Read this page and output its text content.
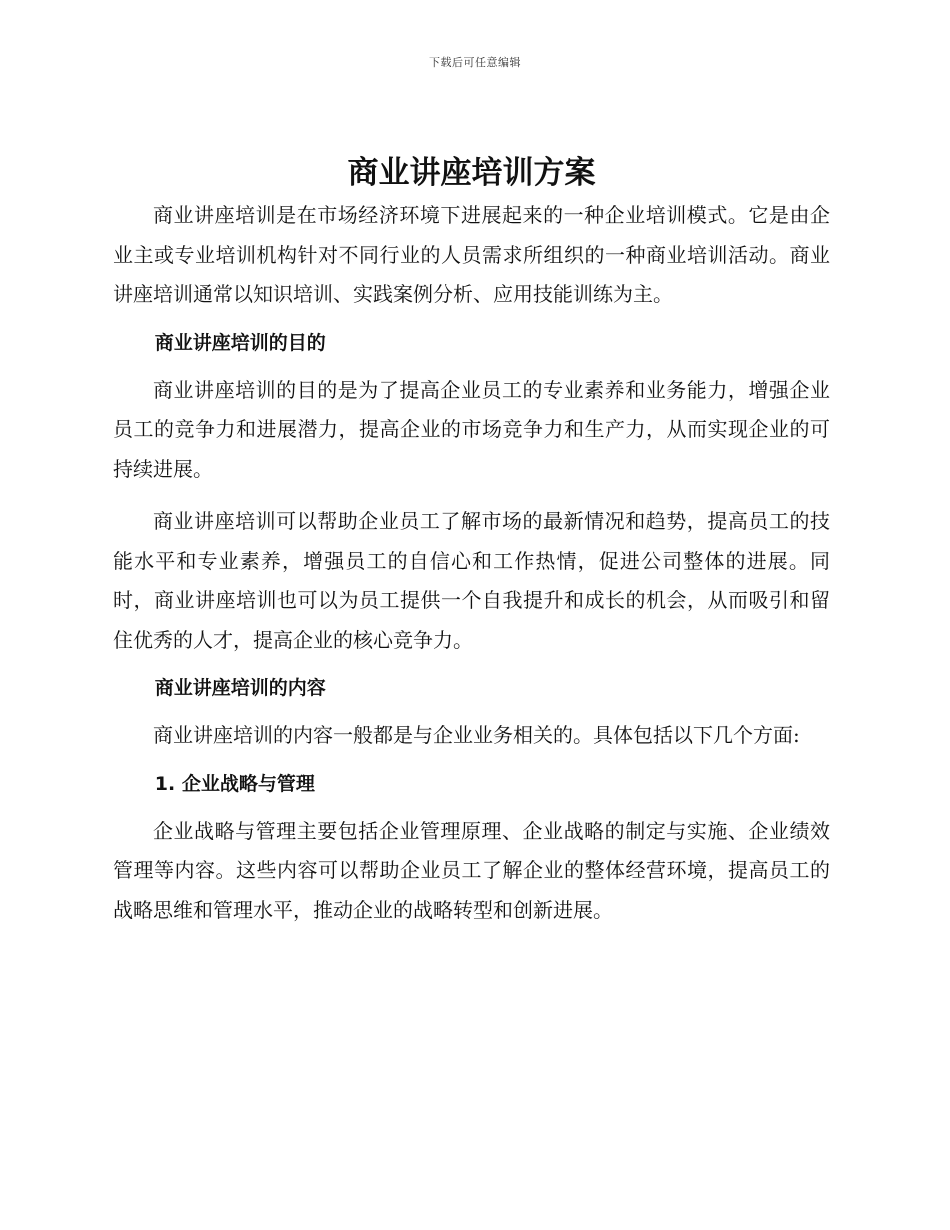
下载后可任意编辑
商业讲座培训方案

商业讲座培训是在市场经济环境下进展起来的一种企业培训模式。它是由企业主或专业培训机构针对不同行业的人员需求所组织的一种商业培训活动。商业讲座培训通常以知识培训、实践案例分析、应用技能训练为主。

商业讲座培训的目的

商业讲座培训的目的是为了提高企业员工的专业素养和业务能力，增强企业员工的竞争力和进展潜力，提高企业的市场竞争力和生产力，从而实现企业的可持续进展。

商业讲座培训可以帮助企业员工了解市场的最新情况和趋势，提高员工的技能水平和专业素养，增强员工的自信心和工作热情，促进公司整体的进展。同时，商业讲座培训也可以为员工提供一个自我提升和成长的机会，从而吸引和留住优秀的人才，提高企业的核心竞争力。

商业讲座培训的内容

商业讲座培训的内容一般都是与企业业务相关的。具体包括以下几个方面:

1. 企业战略与管理

企业战略与管理主要包括企业管理原理、企业战略的制定与实施、企业绩效管理等内容。这些内容可以帮助企业员工了解企业的整体经营环境，提高员工的战略思维和管理水平，推动企业的战略转型和创新进展。
